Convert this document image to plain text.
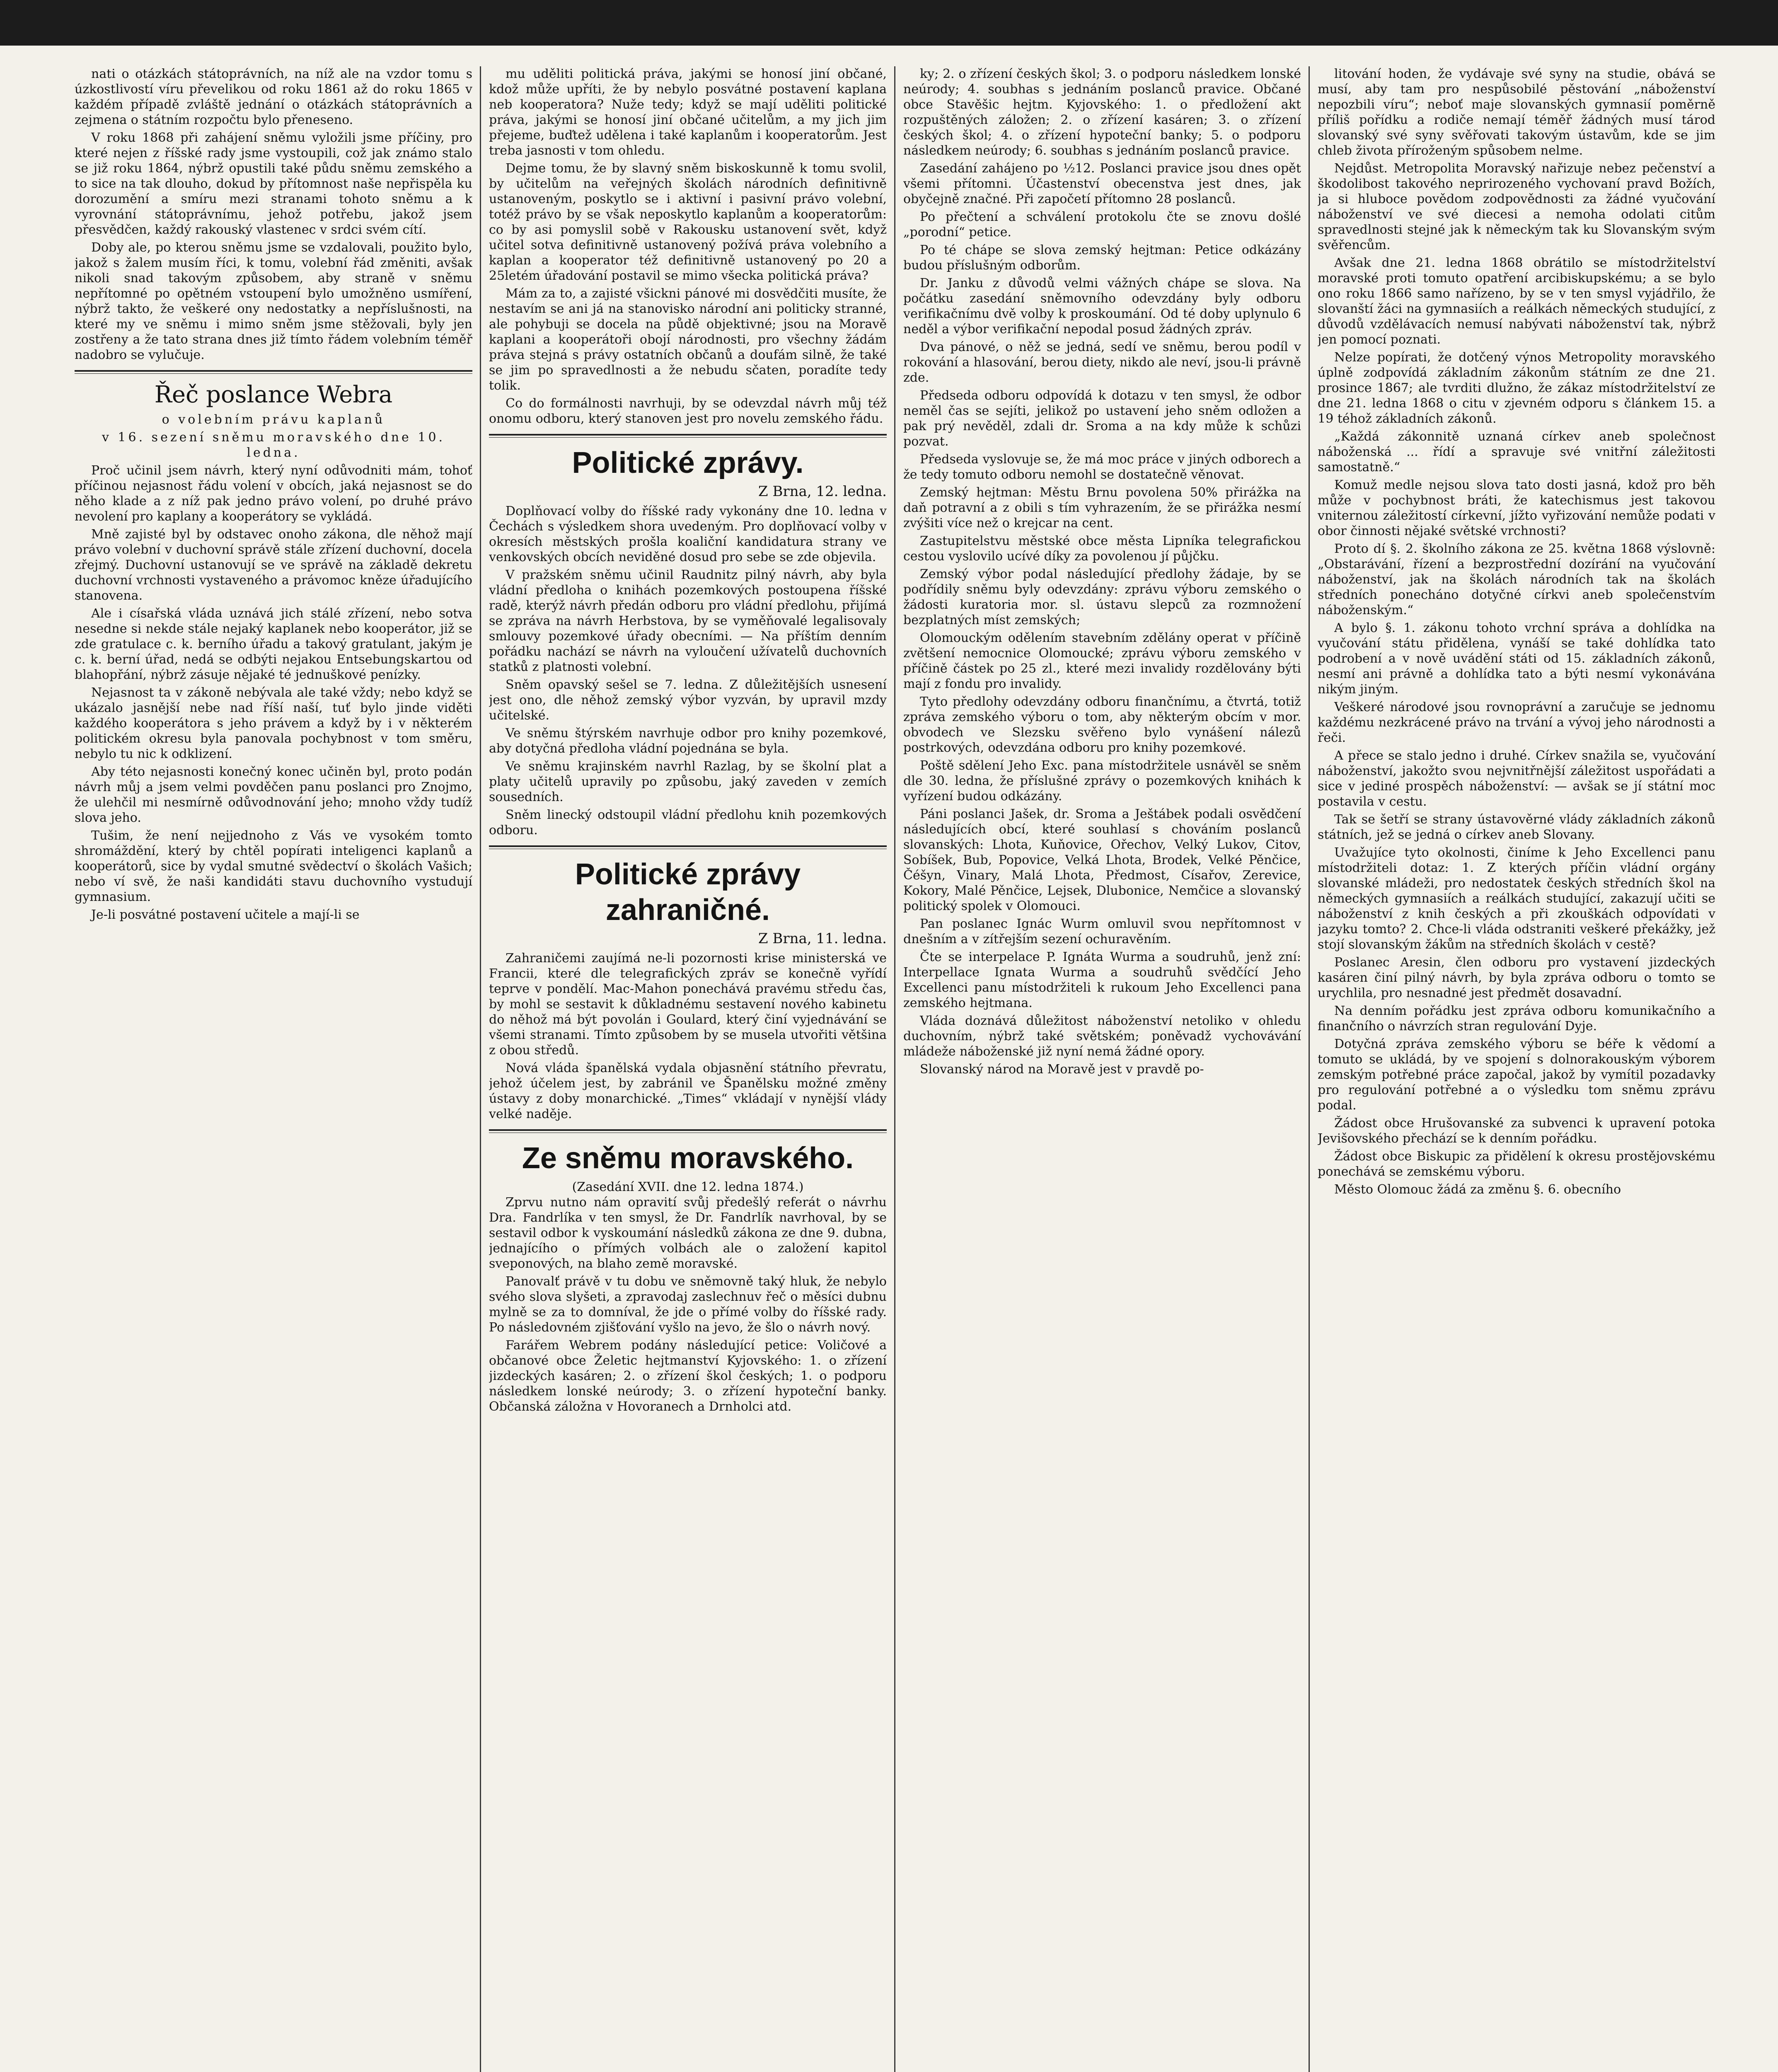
nati o otázkách státoprávních, na níž ale na vzdor tomu s úzkostlivostí víru převelikou od roku 1861 až do roku 1865 v každém případě zvláště jednání o otázkách státoprávních a zejmena o státním rozpočtu bylo přeneseno.

V roku 1868 při zahájení sněmu vyložili jsme příčiny, pro které nejen z říšské rady jsme vystoupili, což jak známo stalo se již roku 1864, nýbrž opustili také půdu sněmu zemského a to sice na tak dlouho, dokud by přítomnost naše nepřispěla ku dorozumění a smíru mezi stranami tohoto sněmu a k vyrovnání státoprávnímu, jehož potřebu, jakož jsem přesvědčen, každý rakouský vlastenec v srdci svém cítí.

Doby ale, po kterou sněmu jsme se vzdalovali, použito bylo, jakož s žalem musím říci, k tomu, volební řád změniti, avšak nikoli snad takovým způsobem, aby straně v sněmu nepřítomné po opětném vstoupení bylo umožněno usmíření, nýbrž takto, že veškeré ony nedostatky a nepříslušnosti, na které my ve sněmu i mimo sněm jsme stěžovali, byly jen zostřeny a že tato strana dnes již tímto řádem volebním téměř nadobro se vylučuje.

Řeč poslance Webra
o volebním právu kaplanů
v 16. sezení sněmu moravského dne 10. ledna.

Proč učinil jsem návrh, který nyní odůvodniti mám, tohoť příčinou nejasnost řádu volení v obcích, jaká nejasnost se do něho klade a z níž pak jedno právo volení, po druhé právo nevolení pro kaplany a kooperátory se vykládá.

Mně zajisté byl by odstavec onoho zákona, dle něhož mají právo volební v duchovní správě stále zřízení duchovní, docela zřejmý. Duchovní ustanovují se ve správě na základě dekretu duchovní vrchnosti vystaveného a právomoc kněze úřadujícího stanovena.

Ale i císařská vláda uznává jich stálé zřízení, nebo sotva nesedne si nekde stále nejaký kaplanek nebo kooperátor, již se zde gratulace c. k. berního úřadu a takový gratulant, jakým je c. k. berní úřad, nedá se odbýti nejakou Entsebungskartou od blahopřání, nýbrž zásuje nějaké té jednuškové penízky.

Nejasnost ta v zákoně nebývala ale také vždy; nebo když se ukázalo jasnější nebe nad říší naší, tuť bylo jinde viděti každého kooperátora s jeho právem a když by i v některém politickém okresu byla panovala pochybnost v tom směru, nebylo tu nic k odklizení.

Aby této nejasnosti konečný konec učiněn byl, proto podán návrh můj a jsem velmi povděčen panu poslanci pro Znojmo, že ulehčil mi nesmírně odůvodnování jeho; mnoho vždy tudíž slova jeho.

Tušim, že není nejjednoho z Vás ve vysokém tomto shromáždění, který by chtěl popírati inteligenci kaplanů a kooperátorů, sice by vydal smutné svědectví o školách Vašich; nebo ví svě, že naši kandidáti stavu duchovního vystudují gymnasium.

Je-li posvátné postavení učitele a mají-li se

mu uděliti politická práva, jakými se honosí jiní občané, kdož může upříti, že by nebylo posvátné postavení kaplana neb kooperatora? Nuže tedy; když se mají uděliti politické práva, jakými se honosí jiní občané učitelům, a my jich jim přejeme, buďtež udělena i také kaplanům i kooperatorům. Jest treba jasnosti v tom ohledu.

Dejme tomu, že by slavný sněm biskoskunně k tomu svolil, by učitelům na veřejných školách národních definitivně ustanoveným, poskytlo se i aktivní i pasivní právo volební, totéž právo by se však neposkytlo kaplanům a kooperatorům: co by asi pomyslil sobě v Rakousku ustanovení svět, když učitel sotva definitivně ustanovený požívá práva volebního a kaplan a kooperator též definitivně ustanovený po 20 a 25letém úřadování postavil se mimo všecka politická práva?

Mám za to, a zajisté všickni pánové mi dosvědčiti musíte, že nestavím se ani já na stanovisko národní ani politicky stranné, ale pohybuji se docela na půdě objektivné; jsou na Moravě kaplani a kooperátoři obojí národnosti, pro všechny žádám práva stejná s právy ostatních občanů a doufám silně, že také se jim po spravedlnosti a že nebudu sčaten, poradíte tedy tolik.

Co do formálnosti navrhuji, by se odevzdal návrh můj též onomu odboru, který stanoven jest pro novelu zemského řádu.

Politické zprávy.
Z Brna, 12. ledna.

Doplňovací volby do říšské rady vykonány dne 10. ledna v Čechách s výsledkem shora uvedeným. Pro doplňovací volby v okresích městských prošla koaliční kandidatura strany ve venkovských obcích neviděné dosud pro sebe se zde objevila.

V pražském sněmu učinil Raudnitz pilný návrh, aby byla vládní předloha o knihách pozemkových postoupena říšské radě, kterýž návrh předán odboru pro vládní předlohu, přijímá se zpráva na návrh Herbstova, by se vyměňovalé legalisovaly smlouvy pozemkové úřady obecními. — Na příštím denním pořádku nachází se návrh na vyloučení užívatelů duchovních statků z platnosti volební.

Sněm opavský sešel se 7. ledna. Z důležitějších usnesení jest ono, dle něhož zemský výbor vyzván, by upravil mzdy učitelské.

Ve sněmu štýrském navrhuje odbor pro knihy pozemkové, aby dotyčná předloha vládní pojednána se byla.

Ve sněmu krajinském navrhl Razlag, by se školní plat a platy učitelů upravily po způsobu, jaký zaveden v zemích sousedních.

Sněm linecký odstoupil vládní předlohu knih pozemkových odboru.

Politické zprávy zahraničné.
Z Brna, 11. ledna.

Zahraničemi zaujímá ne-li pozornosti krise ministerská ve Francii, které dle telegrafických zpráv se konečně vyřídí teprve v pondělí. Mac-Mahon ponechává pravému středu čas, by mohl se sestavit k důkladnému sestavení nového kabinetu do něhož má být povolán i Goulard, který činí vyjednávání se všemi stranami. Tímto způsobem by se musela utvořiti většina z obou středů.

Nová vláda španělská vydala objasnění státního převratu, jehož účelem jest, by zabránil ve Španělsku možné změny ústavy z doby monarchické. „Times“ vkládají v nynější vlády velké naděje.

Ze sněmu moravského.
(Zasedání XVII. dne 12. ledna 1874.)

Zprvu nutno nám opravití svůj předešlý referát o návrhu Dra. Fandrlíka v ten smysl, že Dr. Fandrlík navrhoval, by se sestavil odbor k vyskoumání následků zákona ze dne 9. dubna, jednajícího o přímých volbách ale o založení kapitol sveponových, na blaho země moravské.

Panovalť právě v tu dobu ve sněmovně taký hluk, že nebylo svého slova slyšeti, a zpravodaj zaslechnuv řeč o měsíci dubnu mylně se za to domníval, že jde o přímé volby do říšské rady. Po následovném zjišťování vyšlo na jevo, že šlo o návrh nový.

Farářem Webrem podány následující petice: Voličové a občanové obce Želetic hejtmanství Kyjovského: 1. o zřízení jizdeckých kasáren; 2. o zřízení škol českých; 1. o podporu následkem lonské neúrody; 3. o zřízení hypoteční banky. Občanská záložna v Hovoranech a Drnholci atd.

ky; 2. o zřízení českých škol; 3. o podporu následkem lonské neúrody; 4. soubhas s jednáním poslanců pravice. Občané obce Stavěšic hejtm. Kyjovského: 1. o předložení akt rozpuštěných záložen; 2. o zřízení kasáren; 3. o zřízení českých škol; 4. o zřízení hypoteční banky; 5. o podporu následkem neúrody; 6. soubhas s jednáním poslanců pravice.

Zasedání zahájeno po ½12. Poslanci pravice jsou dnes opět všemi přítomni. Účastenství obecenstva jest dnes, jak obyčejně značné. Při započetí přítomno 28 poslanců.

Po přečtení a schválení protokolu čte se znovu došlé „porodní“ petice.

Po té chápe se slova zemský hejtman: Petice odkázány budou příslušným odborům.

Dr. Janku z důvodů velmi vážných chápe se slova. Na počátku zasedání sněmovního odevzdány byly odboru verifikačnímu dvě volby k proskoumání. Od té doby uplynulo 6 neděl a výbor verifikační nepodal posud žádných zpráv.

Dva pánové, o něž se jedná, sedí ve sněmu, berou podíl v rokování a hlasování, berou diety, nikdo ale neví, jsou-li právně zde.

Předseda odboru odpovídá k dotazu v ten smysl, že odbor neměl čas se sejíti, jelikož po ustavení jeho sněm odložen a pak prý nevěděl, zdali dr. Sroma a na kdy může k schůzi pozvat.

Předseda vyslovuje se, že má moc práce v jiných odborech a že tedy tomuto odboru nemohl se dostatečně věnovat.

Zemský hejtman: Městu Brnu povolena 50% přirážka na daň potravní a z obili s tím vyhrazením, že se přirážka nesmí zvýšiti více než o krejcar na cent.

Zastupitelstvu městské obce města Lipníka telegrafickou cestou vyslovilo ucívé díky za povolenou jí půjčku.

Zemský výbor podal následující předlohy žádaje, by se podřídily sněmu byly odevzdány: zprávu výboru zemského o žádosti kuratoria mor. sl. ústavu slepců za rozmnožení bezplatných míst zemských;

Olomouckým odělením stavebním zdělány operat v příčině zvětšení nemocnice Olomoucké; zprávu výboru zemského v příčině částek po 25 zl., které mezi invalidy rozdělovány býti mají z fondu pro invalidy.

Tyto předlohy odevzdány odboru finančnímu, a čtvrtá, totiž zpráva zemského výboru o tom, aby některým obcím v mor. obvodech ve Slezsku svěřeno bylo vynášení nálezů postrkových, odevzdána odboru pro knihy pozemkové.

Poště sdělení Jeho Exc. pana místodržitele usnávěl se sněm dle 30. ledna, že příslušné zprávy o pozemkových knihách k vyřízení budou odkázány.

Páni poslanci Jašek, dr. Sroma a Ještábek podali osvědčení následujících obcí, které souhlasí s chováním poslanců slovanských: Lhota, Kuňovice, Ořechov, Velký Lukov, Citov, Sobíšek, Bub, Popovice, Velká Lhota, Brodek, Velké Pěnčice, Čéšyn, Vinary, Malá Lhota, Předmost, Císařov, Zerevice, Kokory, Malé Pěnčice, Lejsek, Dlubonice, Nemčice a slovanský politický spolek v Olomouci.

Pan poslanec Ignác Wurm omluvil svou nepřítomnost v dnešním a v zítřejším sezení ochuravěním.

Čte se interpelace P. Ignáta Wurma a soudruhů, jenž zní: Interpellace Ignata Wurma a soudruhů svědčící Jeho Excellenci panu místodržiteli k rukoum Jeho Excellenci pana zemského hejtmana.

Vláda doznává důležitost náboženství netoliko v ohledu duchovním, nýbrž také světském; poněvadž vychovávání mládeže náboženské již nyní nemá žádné opory.

Slovanský národ na Moravě jest v pravdě po-

litování hoden, že vydávaje své syny na studie, obává se musí, aby tam pro nespůsobilé pěstování „náboženství nepozbili víru“; neboť maje slovanských gymnasií poměrně příliš pořídku a rodiče nemají téměř žádných musí tárod slovanský své syny svěřovati takovým ústavům, kde se jim chleb života příroženým spůsobem nelme.

Nejdůst. Metropolita Moravský nařizuje nebez pečenství a škodolibost takového neprirozeného vychovaní pravd Božích, ja si hluboce povědom zodpovědnosti za žádné vyučování náboženství ve své diecesi a nemoha odolati citům spravedlnosti stejné jak k německým tak ku Slovanským svým svěřencům.

Avšak dne 21. ledna 1868 obrátilo se místodržitelství moravské proti tomuto opatření arcibiskupskému; a se bylo ono roku 1866 samo nařízeno, by se v ten smysl vyjádřilo, že slovanští žáci na gymnasiích a reálkách německých studující, z důvodů vzdělávacích nemusí nabývati náboženství tak, nýbrž jen pomocí poznati.

Nelze popírati, že dotčený výnos Metropolity moravského úplně zodpovídá základním zákonům státním ze dne 21. prosince 1867; ale tvrditi dlužno, že zákaz místodržitelství ze dne 21. ledna 1868 o citu v zjevném odporu s článkem 15. a 19 téhož základních zákonů.

„Každá zákonnitě uznaná církev aneb společnost náboženská ... řídí a spravuje své vnitřní záležitosti samostatně.“

Komuž medle nejsou slova tato dosti jasná, kdož pro běh může v pochybnost bráti, že katechismus jest takovou vniternou záležitostí církevní, jížto vyřizování nemůže podati v obor činnosti nějaké světské vrchnosti?

Proto dí §. 2. školního zákona ze 25. května 1868 výslovně: „Obstarávání, řízení a bezprostřední dozírání na vyučování náboženství, jak na školách národních tak na školách středních ponecháno dotyčné církvi aneb společenstvím náboženským.“

A bylo §. 1. zákonu tohoto vrchní správa a dohlídka na vyučování státu přidělena, vynáší se také dohlídka tato podrobení a v nově uvádění státi od 15. základních zákonů, nesmí ani právně a dohlídka tato a býti nesmí vykonávána nikým jiným.

Veškeré národové jsou rovnoprávní a zaručuje se jednomu každému nezkrácené právo na trvání a vývoj jeho národnosti a řeči.

A přece se stalo jedno i druhé. Církev snažila se, vyučování náboženství, jakožto svou nejvnitřnější záležitost uspořádati a sice v jediné prospěch náboženství: — avšak se jí státní moc postavila v cestu.

Tak se šetří se strany ústavověrné vlády základních zákonů státních, jež se jedná o církev aneb Slovany.

Uvažujíce tyto okolnosti, činíme k Jeho Excellenci panu místodržiteli dotaz: 1. Z kterých příčin vládní orgány slovanské mládeži, pro nedostatek českých středních škol na německých gymnasiích a reálkách studující, zakazují učiti se náboženství z knih českých a při zkouškách odpovídati v jazyku tomto? 2. Chce-li vláda odstraniti veškeré překážky, jež stojí slovanským žákům na středních školách v cestě?

Poslanec Aresin, člen odboru pro vystavení jizdeckých kasáren činí pilný návrh, by byla zpráva odboru o tomto se urychlila, pro nesnadné jest předmět dosavadní.

Na denním pořádku jest zpráva odboru komunikačního a finančního o návrzích stran regulování Dyje.

Dotyčná zpráva zemského výboru se béře k vědomí a tomuto se ukládá, by ve spojení s dolnorakouským výborem zemským potřebné práce započal, jakož by vymítil pozadavky pro regulování potřebné a o výsledku tom sněmu zprávu podal.

Žádost obce Hrušovanské za subvenci k upravení potoka Jevišovského přechází se k denním pořádku.

Žádost obce Biskupic za přidělení k okresu prostějovskému ponechává se zemskému výboru.

Město Olomouc žádá za změnu §. 6. obecního
